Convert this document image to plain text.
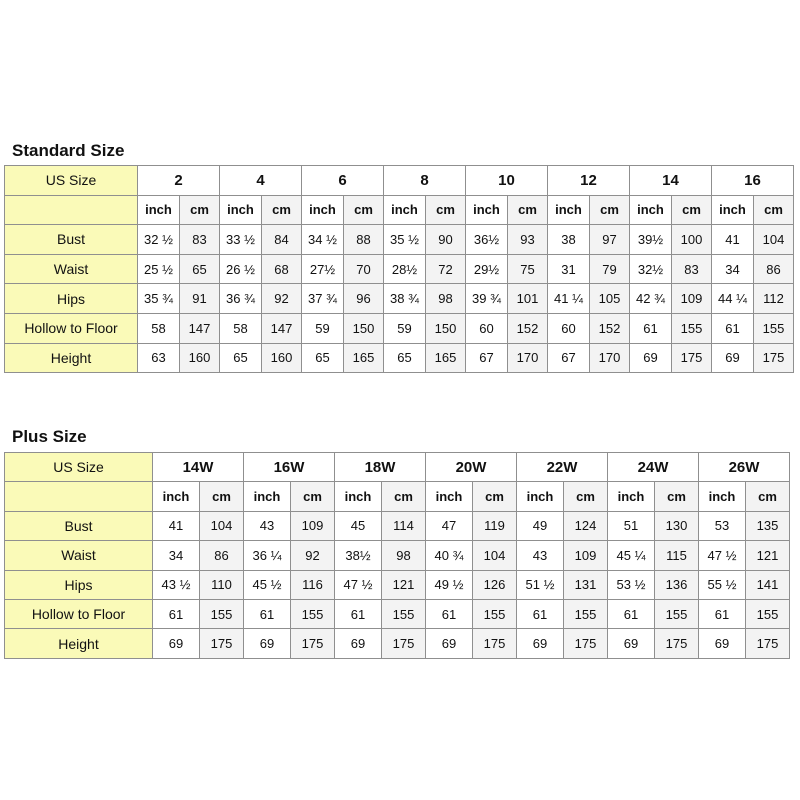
Standard Size
US Size	2		4		6		8		10		12		14		16	
	inch	cm	inch	cm	inch	cm	inch	cm	inch	cm	inch	cm	inch	cm	inch	cm
Bust	32 ½	83	33 ½	84	34 ½	88	35 ½	90	36½	93	38	97	39½	100	41	104
Waist	25 ½	65	26 ½	68	27½	70	28½	72	29½	75	31	79	32½	83	34	86
Hips	35 ¾	91	36 ¾	92	37 ¾	96	38 ¾	98	39 ¾	101	41 ¼	105	42 ¾	109	44 ¼	112
Hollow to Floor	58	147	58	147	59	150	59	150	60	152	60	152	61	155	61	155
Height	63	160	65	160	65	165	65	165	67	170	67	170	69	175	69	175
Plus Size
US Size	14W		16W		18W		20W		22W		24W		26W	
	inch	cm	inch	cm	inch	cm	inch	cm	inch	cm	inch	cm	inch	cm
Bust	41	104	43	109	45	114	47	119	49	124	51	130	53	135
Waist	34	86	36 ¼	92	38½	98	40 ¾	104	43	109	45 ¼	115	47 ½	121
Hips	43 ½	110	45 ½	116	47 ½	121	49 ½	126	51 ½	131	53 ½	136	55 ½	141
Hollow to Floor	61	155	61	155	61	155	61	155	61	155	61	155	61	155
Height	69	175	69	175	69	175	69	175	69	175	69	175	69	175
